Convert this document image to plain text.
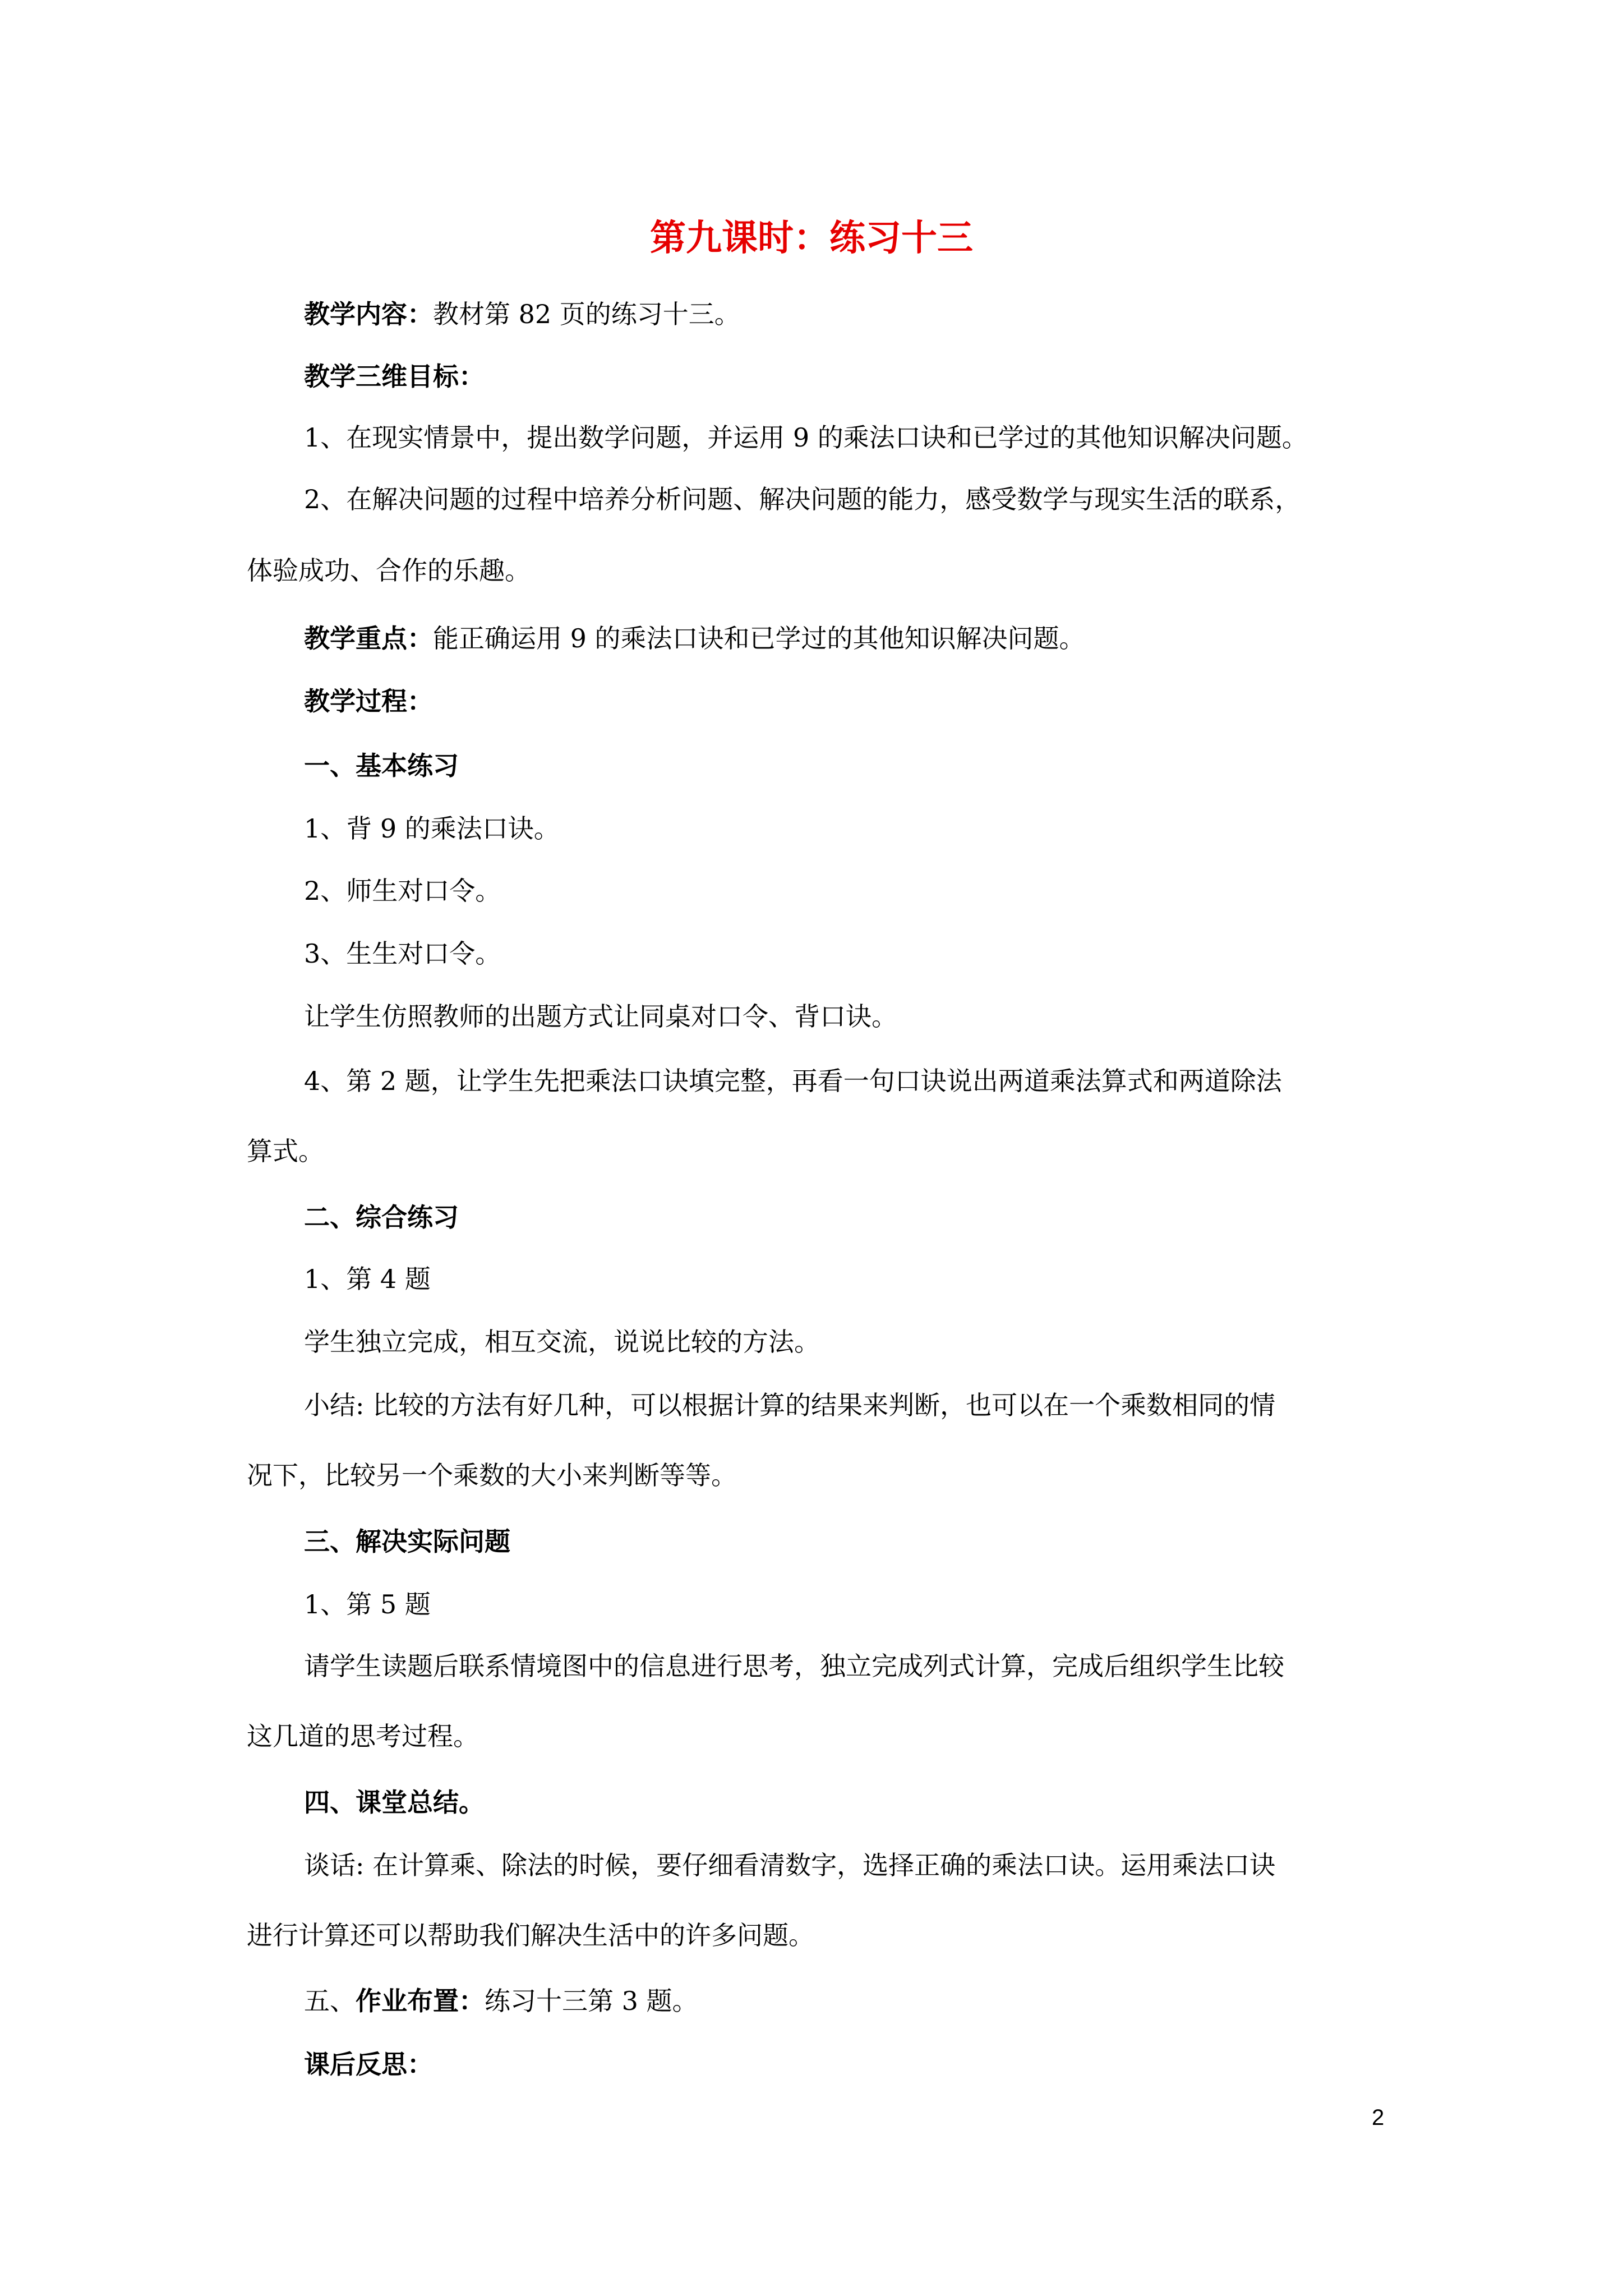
第九课时：练习十三

教学内容：教材第 82 页的练习十三。

教学三维目标：

1、在现实情景中，提出数学问题，并运用 9 的乘法口诀和已学过的其他知识解决问题。

2、在解决问题的过程中培养分析问题、解决问题的能力，感受数学与现实生活的联系，

体验成功、合作的乐趣。

教学重点：能正确运用 9 的乘法口诀和已学过的其他知识解决问题。

教学过程：

一、基本练习

1、背 9 的乘法口诀。

2、师生对口令。

3、生生对口令。

让学生仿照教师的出题方式让同桌对口令、背口诀。

4、第 2 题，让学生先把乘法口诀填完整，再看一句口诀说出两道乘法算式和两道除法

算式。

二、综合练习

1、第 4 题

学生独立完成，相互交流，说说比较的方法。

小结: 比较的方法有好几种，可以根据计算的结果来判断，也可以在一个乘数相同的情

况下，比较另一个乘数的大小来判断等等。

三、解决实际问题

1、第 5 题

请学生读题后联系情境图中的信息进行思考，独立完成列式计算，完成后组织学生比较

这几道的思考过程。

四、课堂总结。

谈话: 在计算乘、除法的时候，要仔细看清数字，选择正确的乘法口诀。运用乘法口诀

进行计算还可以帮助我们解决生活中的许多问题。

五、作业布置：练习十三第 3 题。

课后反思：

2
